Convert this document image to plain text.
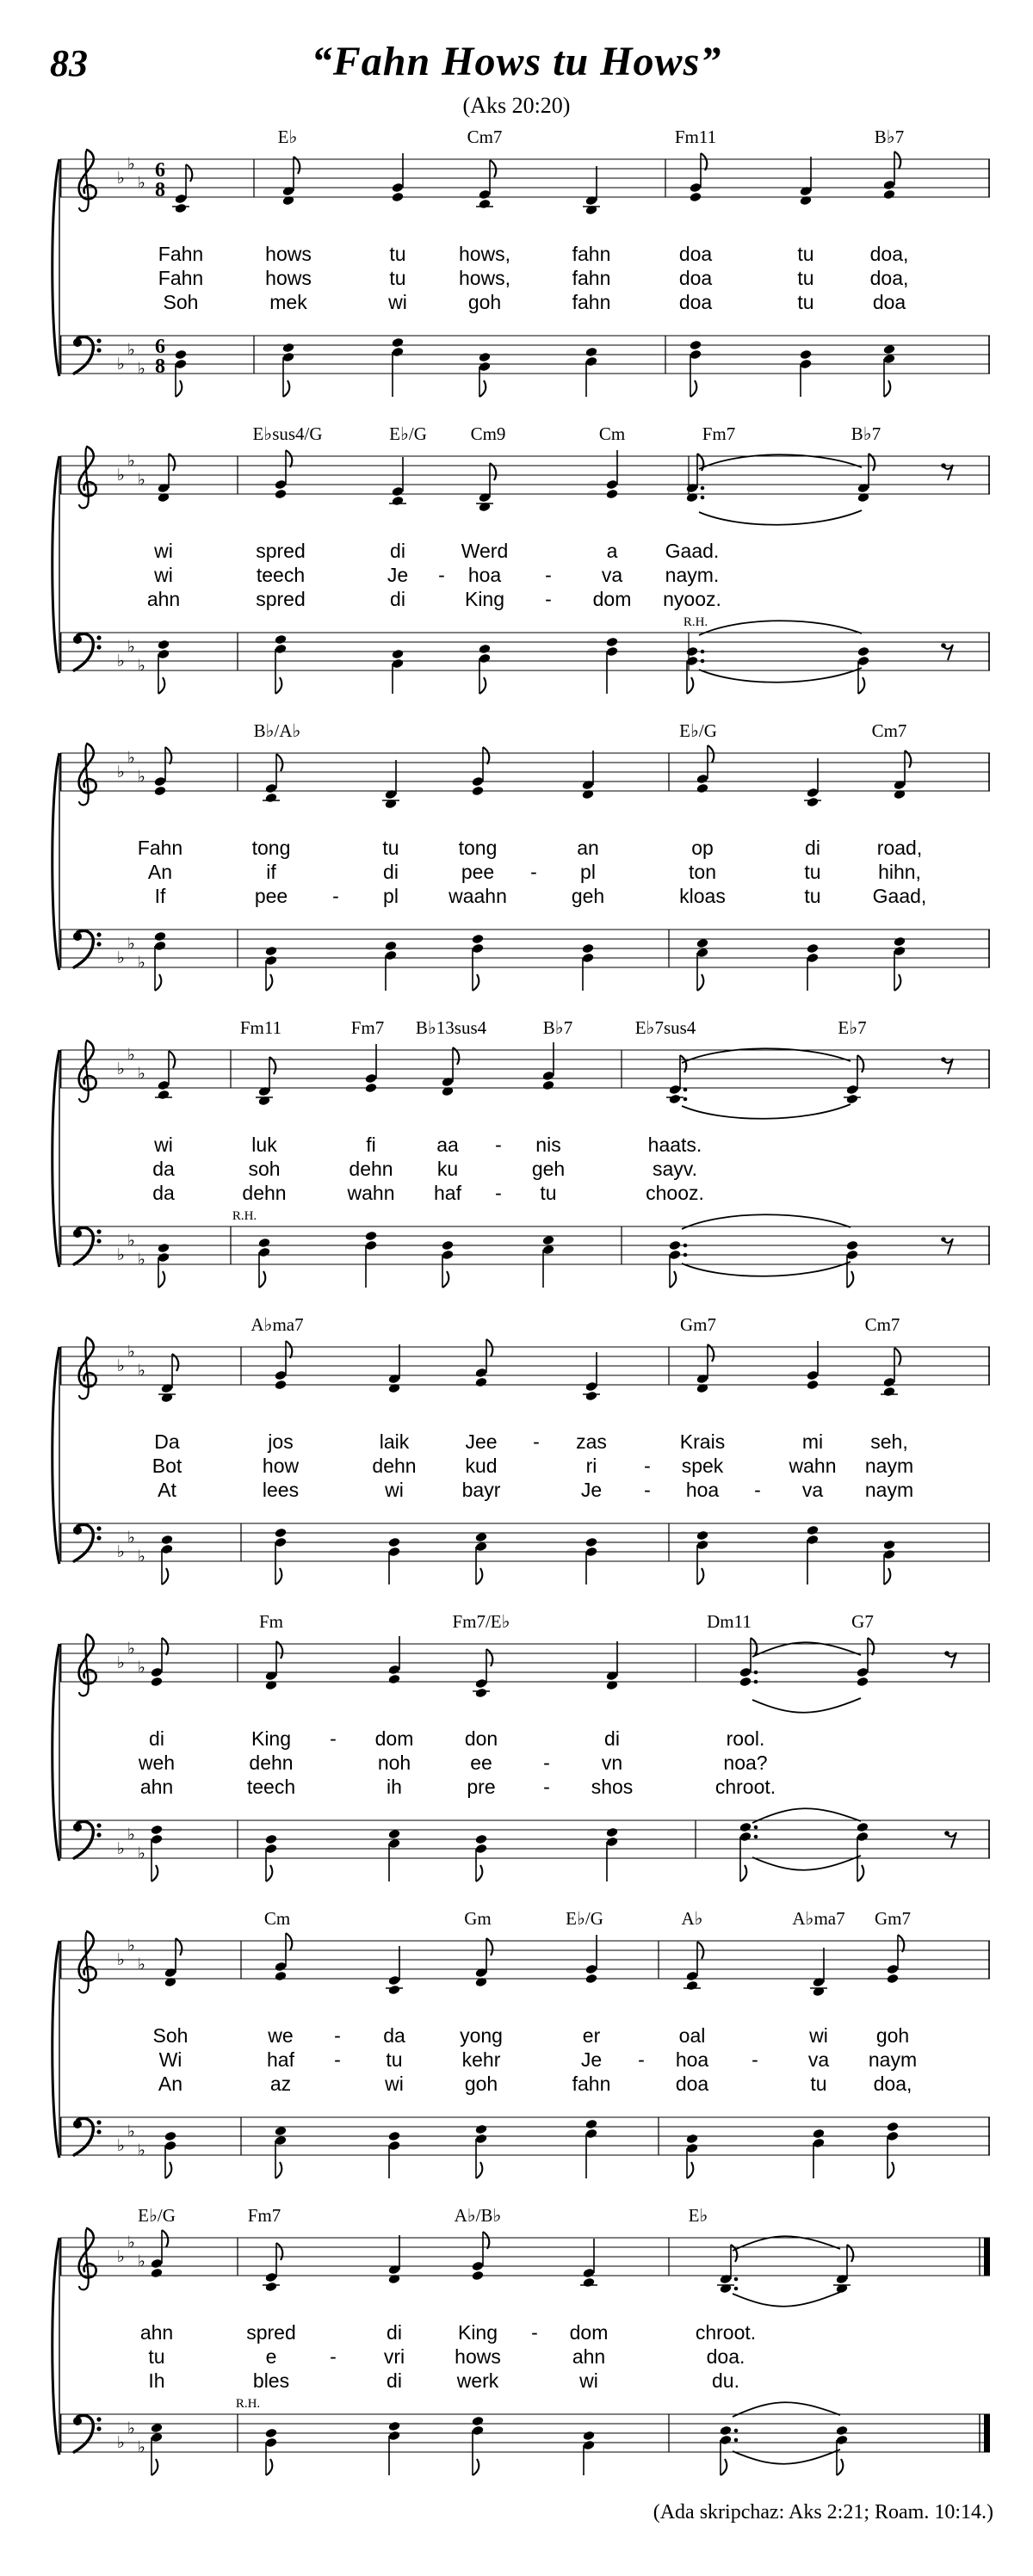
83	“Fahn Hows tu Hows”
(Aks 20:20)
(Ada skripchaz: Aks 2:21; Roam. 10:14.)
E♭	Cm7	Fm11	B♭7
♭
♭
♭
6
8
♭
♭
♭
6
8
Fahn	hows	tu	hows,	fahn	doa	tu	doa,
Fahn	hows	tu	hows,	fahn	doa	tu	doa,
Soh	mek	wi	goh	fahn	doa	tu	doa
E♭sus4/G	E♭/G Cm9	Cm	Fm7	B♭7
♭
♭
♭
♭
♭
♭
wi	spred	di	Werd	a Gaad.
wi	teech	Je - hoa -	va naym.
ahn	spred	di	King - dom nyooz.
R.H.
B♭/A♭	E♭/G	Cm7
♭
♭
♭
♭
♭
♭
Fahn	tong	tu	tong	an	op	di	road,
An	if	di	pee - pl	ton	tu	hihn,
If	pee - pl	waahn	geh	kloas	tu	Gaad,
Fm11	Fm7 B♭13sus4	B♭7	E♭7sus4	E♭7
♭
♭
♭
♭
♭
♭
wi	luk	fi	aa - nis	haats.
da	soh	dehn ku	geh	sayv.
da	dehn	wahn haf - tu	chooz.
R.H.
A♭ma7	Gm7	Cm7
♭
♭
♭
♭
♭
♭
Da	jos	laik	Jee - zas	Krais	mi seh,
Bot	how	dehn kud	ri - spek	wahn naym
At	lees	wi	bayr	Je - hoa - va naym
Fm	Fm7/E♭	Dm11	G7
♭
♭
♭
♭
♭
♭
di	King - dom	don	di	rool.
weh	dehn	noh	ee	-	vn	noa?
ahn	teech	ih	pre - shos	chroot.
Cm	Gm	E♭/G	A♭	A♭ma7 Gm7
♭
♭
♭
♭
♭
♭
Soh	we - da	yong	er	oal	wi goh
Wi	haf - tu	kehr	Je - hoa -	va naym
An	az	wi	goh	fahn	doa	tu doa,
E♭/G	Fm7	A♭/B♭	E♭
♭
♭
♭
♭
♭
♭
ahn	spred	di	King - dom	chroot.
tu	e	- vri	hows	ahn	doa.
Ih	bles	di	werk	wi	du.
R.H.
